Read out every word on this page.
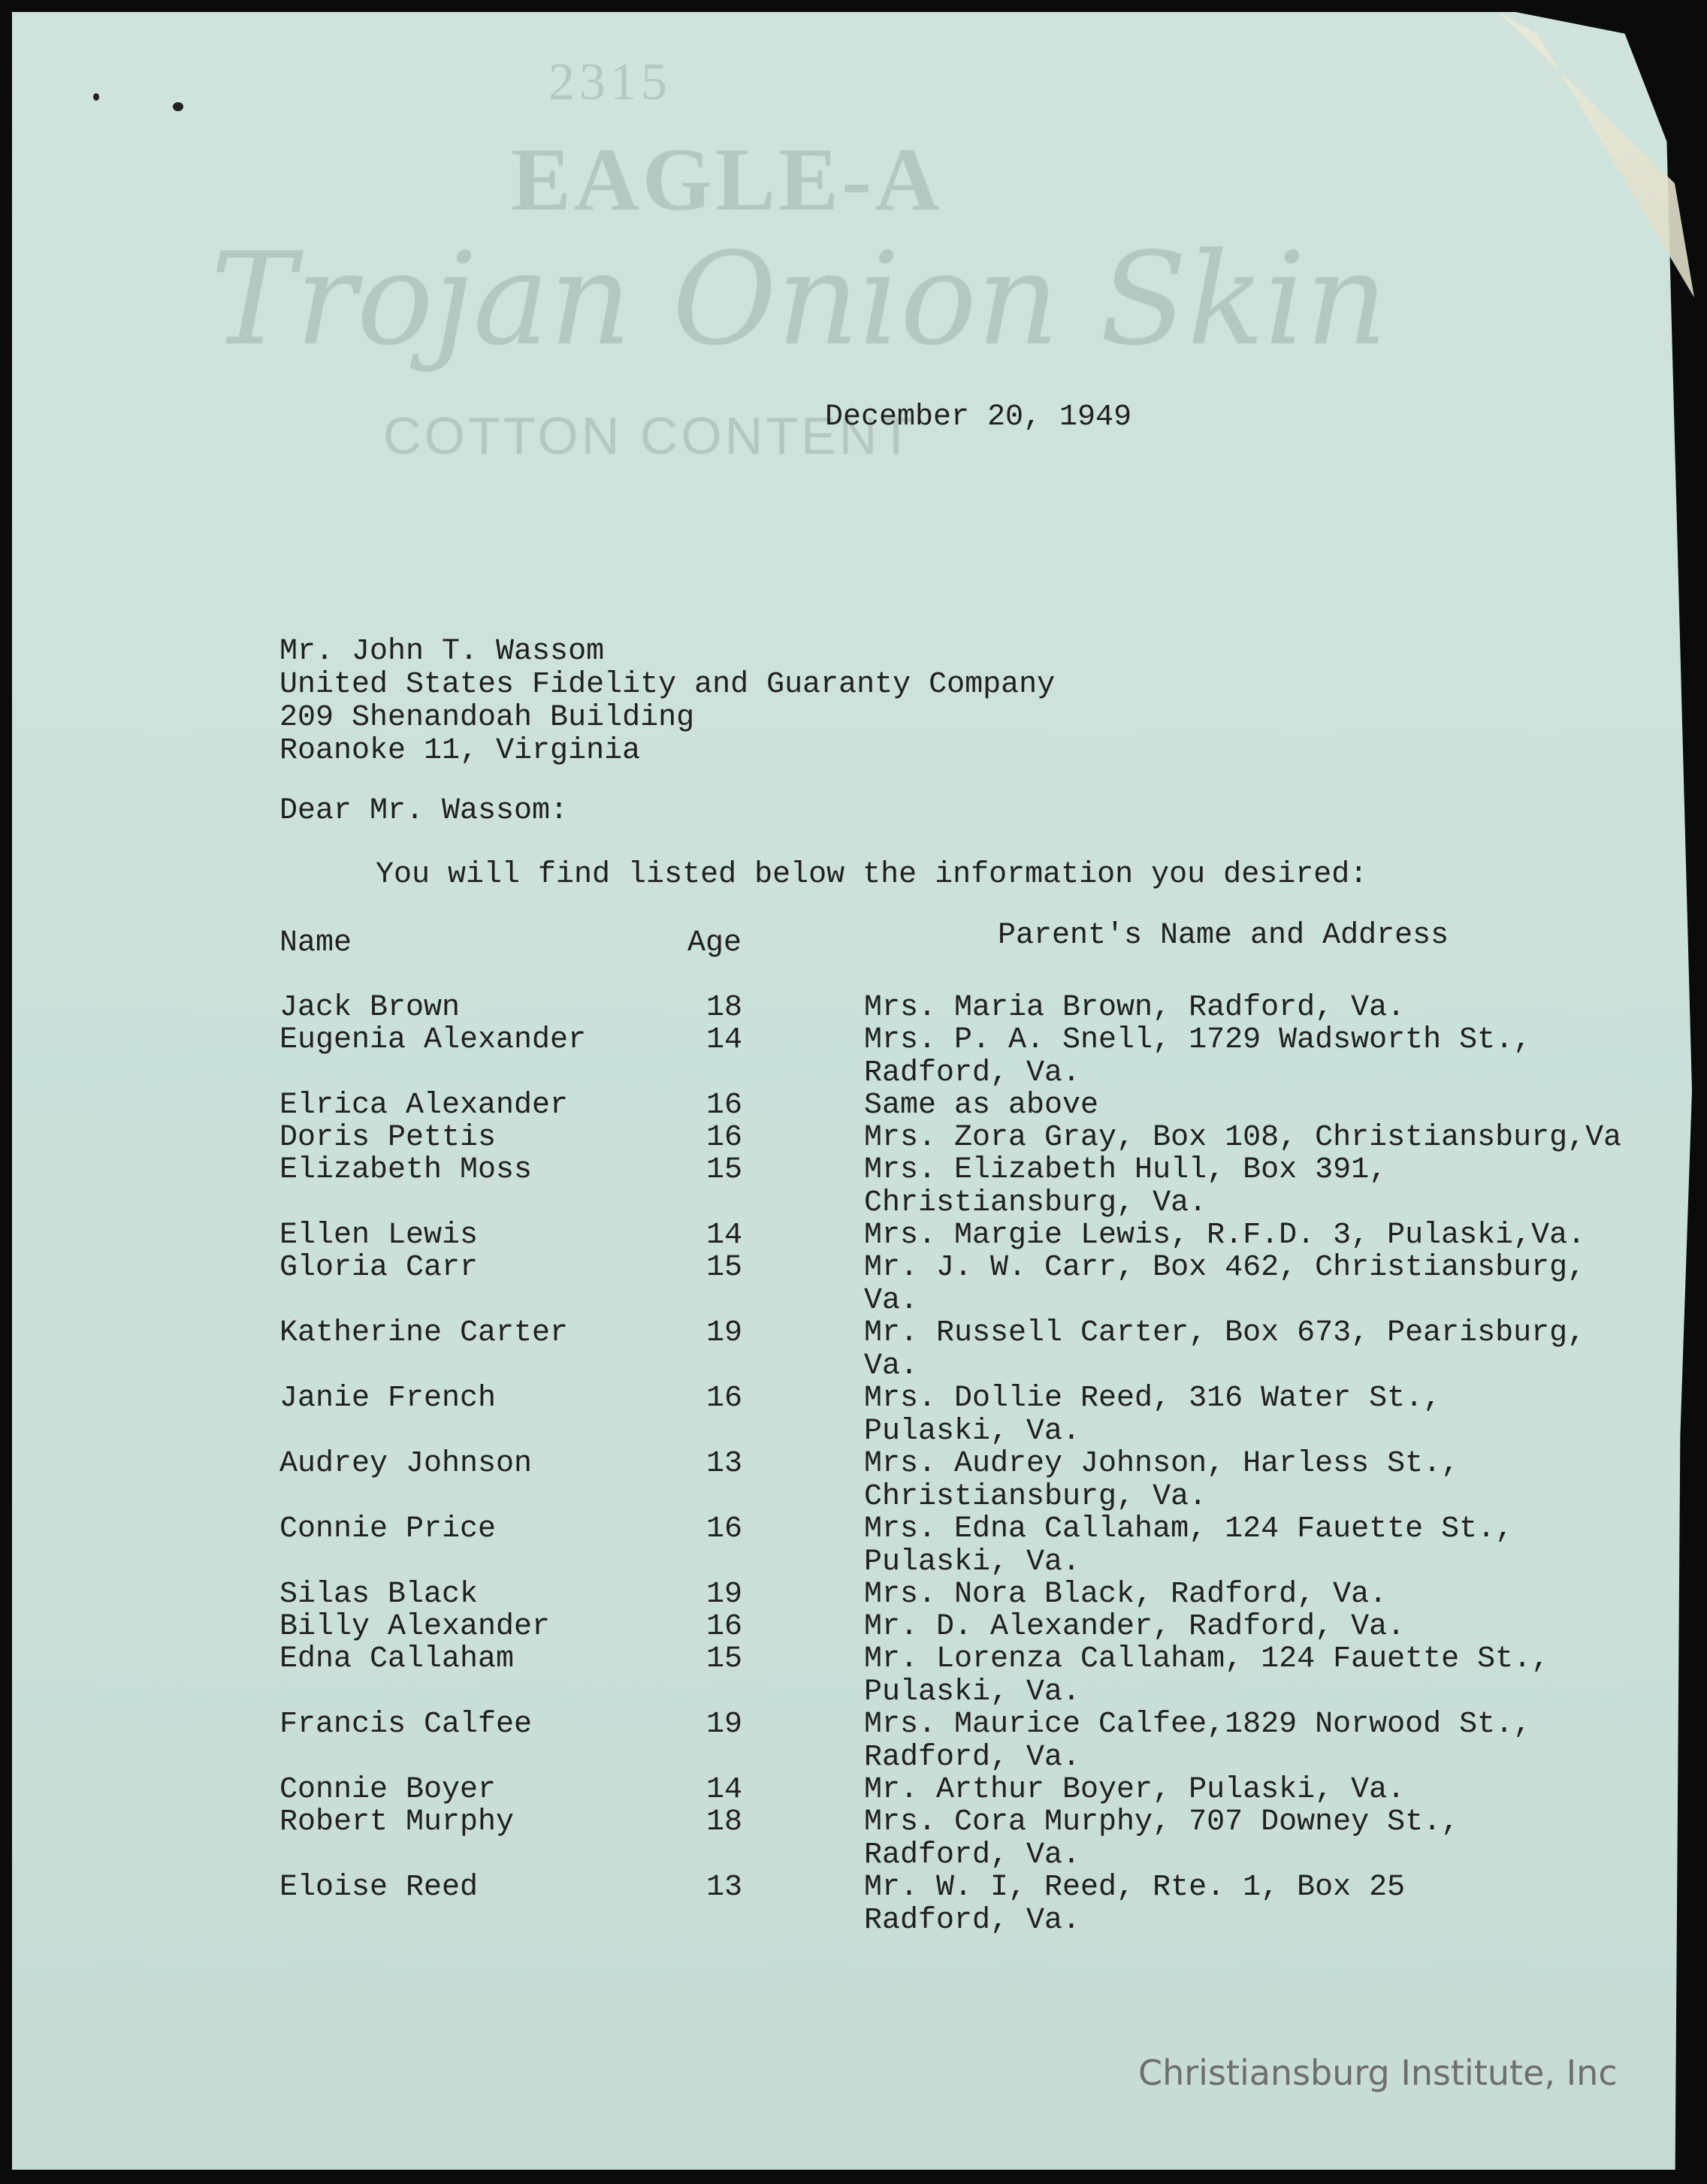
2315
EAGLE-A
Trojan Onion Skin
COTTON CONTENT
December 20, 1949
Mr. John T. Wassom
United States Fidelity and Guaranty Company
209 Shenandoah Building
Roanoke 11, Virginia
Dear Mr. Wassom:
You will find listed below the information you desired:
Name	Age	Parent's Name and Address
Jack Brown	18	Mrs. Maria Brown, Radford, Va.
Eugenia Alexander	14	Mrs. P. A. Snell, 1729 Wadsworth St.,
Radford, Va.
Elrica Alexander	16	Same as above
Doris Pettis	16	Mrs. Zora Gray, Box 108, Christiansburg,Va
Elizabeth Moss	15	Mrs. Elizabeth Hull, Box 391,
Christiansburg, Va.
Ellen Lewis	14	Mrs. Margie Lewis, R.F.D. 3, Pulaski,Va.
Gloria Carr	15	Mr. J. W. Carr, Box 462, Christiansburg,
Va.
Katherine Carter	19	Mr. Russell Carter, Box 673, Pearisburg,
Va.
Janie French	16	Mrs. Dollie Reed, 316 Water St.,
Pulaski, Va.
Audrey Johnson	13	Mrs. Audrey Johnson, Harless St.,
Christiansburg, Va.
Connie Price	16	Mrs. Edna Callaham, 124 Fauette St.,
Pulaski, Va.
Silas Black	19	Mrs. Nora Black, Radford, Va.
Billy Alexander	16	Mr. D. Alexander, Radford, Va.
Edna Callaham	15	Mr. Lorenza Callaham, 124 Fauette St.,
Pulaski, Va.
Francis Calfee	19	Mrs. Maurice Calfee,1829 Norwood St.,
Radford, Va.
Connie Boyer	14	Mr. Arthur Boyer, Pulaski, Va.
Robert Murphy	18	Mrs. Cora Murphy, 707 Downey St.,
Radford, Va.
Eloise Reed	13	Mr. W. I, Reed, Rte. 1, Box 25
Radford, Va.
Christiansburg Institute, Inc
